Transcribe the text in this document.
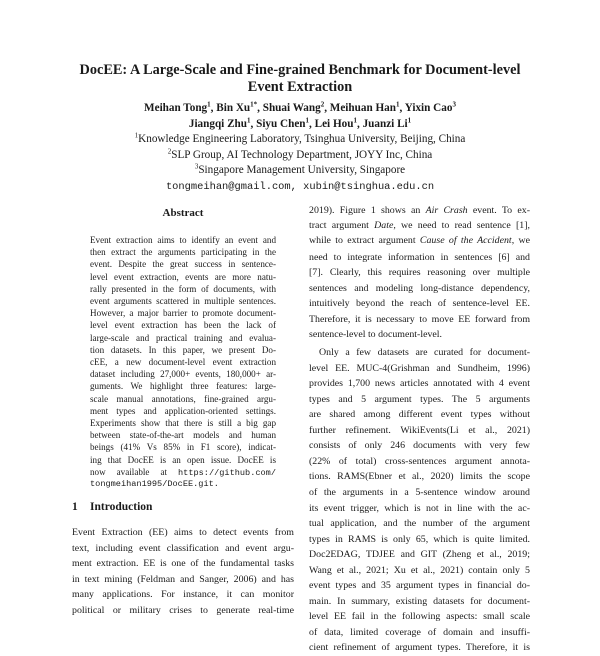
DocEE: A Large-Scale and Fine-grained Benchmark for Document-level
Event Extraction
Meihan Tong$^1$, Bin $Xu^{1*}$, Shuai Wang$^2$, Meihuan Han$^1$, Yixin Cao$^3$
Jiangqi Zhu$^1$, Siyu Chen$^1$, Lei Hou$^1$, Juanzi Li$^1$
$^1$Knowledge Engineering Laboratory, Tsinghua University, Beijing, China
$^2$SLP Group, AI Technology Department, JOYY Inc, China
$^3$Singapore Management University, Singapore
tongmeihan@gmail.com, xubin@tsinghua.edu.cn
Abstract
Event extraction aims to identify an event and
then extract the arguments participating in the
event. Despite the great success in sentence-
level event extraction, events are more natu-
rally presented in the form of documents, with
event arguments scattered in multiple sentences.
However, a major barrier to promote document-
level event extraction has been the lack of
large-scale and practical training and evalua-
tion datasets. In this paper, we present Do-
cEE, a new document-level event extraction
dataset including 27,000+ events, 180,000+ ar-
guments. We highlight three features: large-
scale manual annotations, fine-grained argu-
ment types and application-oriented settings.
Experiments show that there is still a big gap
between state-of-the-art models and human
beings (41% Vs 85% in F1 score), indicat-
ing that DocEE is an open issue. DocEE is
now available at https://github.com/
tongmeihan1995/DocEE.git.
1 Introduction
Event Extraction (EE) aims to detect events from
text, including event classification and event argu-
ment extraction. EE is one of the fundamental tasks
in text mining (Feldman and Sanger, 2006) and has
many applications. For instance, it can monitor
political or military crises to generate real-time
2019). Figure 1 shows an Air Crash event. To ex-
tract argument Date, we need to read sentence [1],
while to extract argument Cause of the Accident, we
need to integrate information in sentences [6] and
[7]. Clearly, this requires reasoning over multiple
sentences and modeling long-distance dependency,
intuitively beyond the reach of sentence-level EE.
Therefore, it is necessary to move EE forward from
sentence-level to document-level.
Only a few datasets are curated for document-
level EE. MUC-4(Grishman and Sundheim, 1996)
provides 1,700 news articles annotated with 4 event
types and 5 argument types. The 5 arguments
are shared among different event types without
further refinement. WikiEvents(Li et al., 2021)
consists of only 246 documents with very few
(22% of total) cross-sentences argument annota-
tions. RAMS(Ebner et al., 2020) limits the scope
of the arguments in a 5-sentence window around
its event trigger, which is not in line with the ac-
tual application, and the number of the argument
types in RAMS is only 65, which is quite limited.
Doc2EDAG, TDJEE and GIT (Zheng et al., 2019;
Wang et al., 2021; Xu et al., 2021) contain only 5
event types and 35 argument types in financial do-
main. In summary, existing datasets for document-
level EE fail in the following aspects: small scale
of data, limited coverage of domain and insuffi-
cient refinement of argument types. Therefore, it is
